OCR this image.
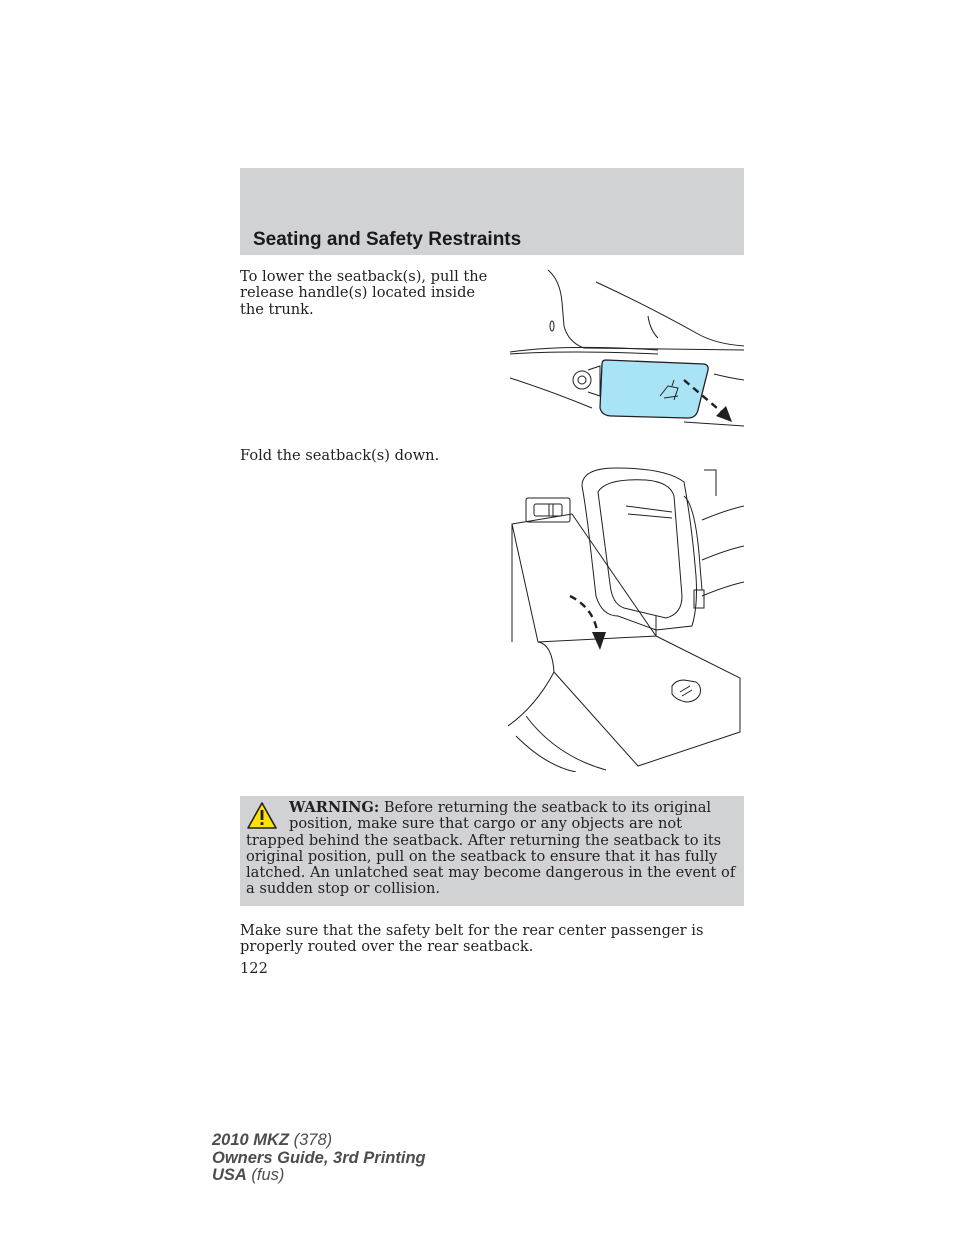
Seating and Safety Restraints
To lower the seatback(s), pull the release handle(s) located inside the trunk.
Fold the seatback(s) down.
WARNING: Before returning the seatback to its original position, make sure that cargo or any objects are not trapped behind the seatback. After returning the seatback to its original position, pull on the seatback to ensure that it has fully latched. An unlatched seat may become dangerous in the event of a sudden stop or collision.
Make sure that the safety belt for the rear center passenger is properly routed over the rear seatback.
122
2010 MKZ (378)
Owners Guide, 3rd Printing
USA (fus)
